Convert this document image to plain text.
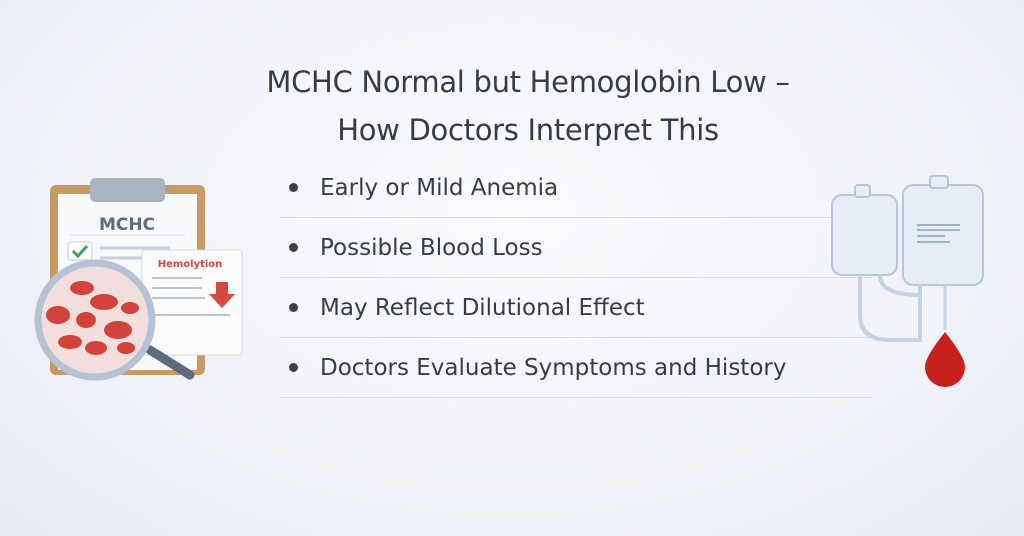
MCHC Normal but Hemoglobin Low –
How Doctors Interpret This
Early or Mild Anemia
Possible Blood Loss
May Reflect Dilutional Effect
Doctors Evaluate Symptoms and History
MCHC
Hemolytion
